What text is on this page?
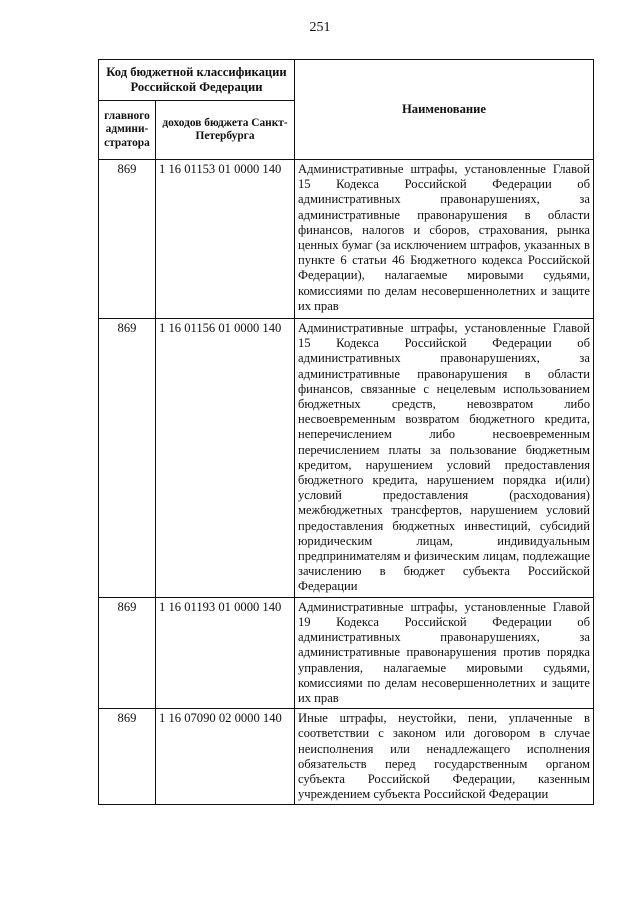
251
Код бюджетной классификации Российской Федерации		Наименование
главного админи-стратора	доходов бюджета Санкт-Петербурга	
869	1 16 01153 01 0000 140	Административные штрафы, установленные Главой 15 Кодекса Российской Федерации об административных правонарушениях, за административные правонарушения в области финансов, налогов и сборов, страхования, рынка ценных бумаг (за исключением штрафов, указанных в пункте 6 статьи 46 Бюджетного кодекса Российской Федерации), налагаемые мировыми судьями, комиссиями по делам несовершеннолетних и защите их прав
869	1 16 01156 01 0000 140	Административные штрафы, установленные Главой 15 Кодекса Российской Федерации об административных правонарушениях, за административные правонарушения в области финансов, связанные с нецелевым использованием бюджетных средств, невозвратом либо несвоевременным возвратом бюджетного кредита, неперечислением либо несвоевременным перечислением платы за пользование бюджетным кредитом, нарушением условий предоставления бюджетного кредита, нарушением порядка и(или) условий предоставления (расходования) межбюджетных трансфертов, нарушением условий предоставления бюджетных инвестиций, субсидий юридическим лицам, индивидуальным предпринимателям и физическим лицам, подлежащие зачислению в бюджет субъекта Российской Федерации
869	1 16 01193 01 0000 140	Административные штрафы, установленные Главой 19 Кодекса Российской Федерации об административных правонарушениях, за административные правонарушения против порядка управления, налагаемые мировыми судьями, комиссиями по делам несовершеннолетних и защите их прав
869	1 16 07090 02 0000 140	Иные штрафы, неустойки, пени, уплаченные в соответствии с законом или договором в случае неисполнения или ненадлежащего исполнения обязательств перед государственным органом субъекта Российской Федерации, казенным учреждением субъекта Российской Федерации
